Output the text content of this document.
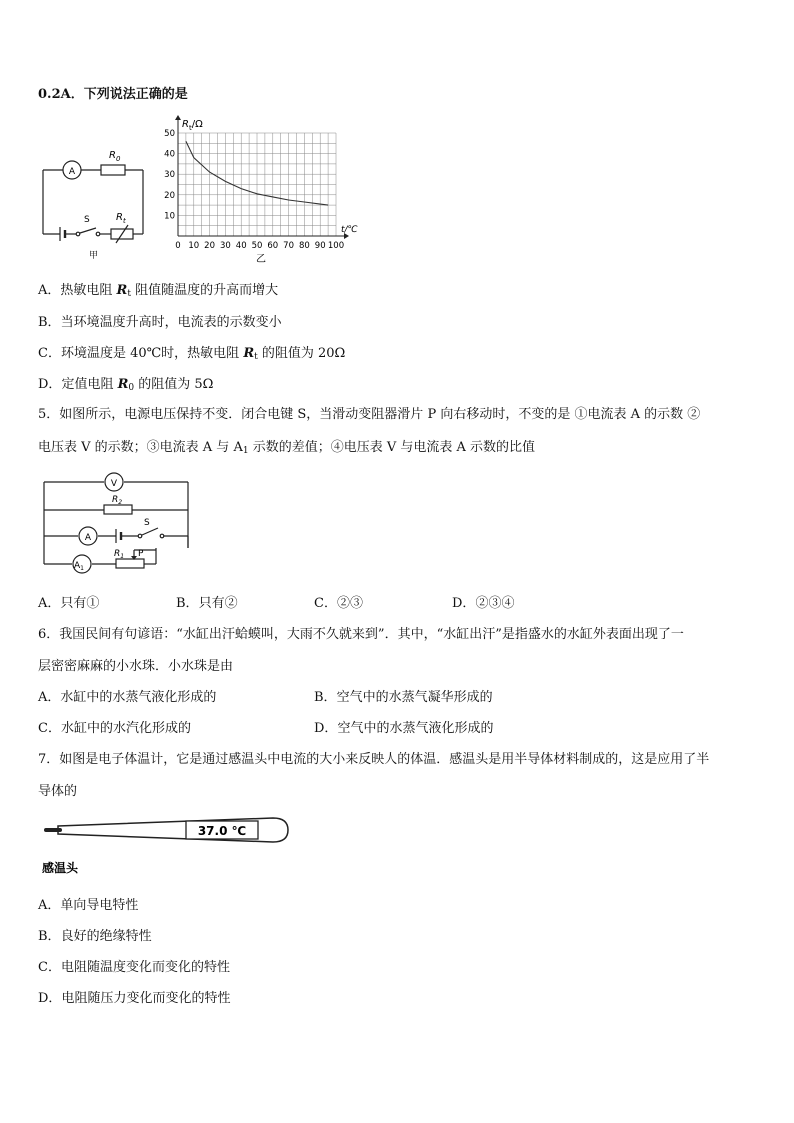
0.2A．下列说法正确的是
A
$R_0$
S	$R_t$
甲
0 10 20 30 40 50 60 70 80 90 100
10
20
30
40
50
$R_t/\Omega$
t/℃
乙
A．热敏电阻 $R_t$ 阻值随温度的升高而增大
B．当环境温度升高时，电流表的示数变小
C．环境温度是 40℃时，热敏电阻 $R_t$ 的阻值为 20Ω
D．定值电阻 $R_0$ 的阻值为 5Ω
5．如图所示，电源电压保持不变．闭合电键 S，当滑动变阻器滑片 P 向右移动时，不变的是 ①电流表 A 的示数 ②
电压表 V 的示数；③电流表 A 与 $A_1$ 示数的差值；④电压表 V 与电流表 A 示数的比值
V
$R_2$
A
S
$A_1$
$R_1$ P
A．只有①	B．只有②	C．②③	D．②③④
6．我国民间有句谚语：“水缸出汗蛤蟆叫，大雨不久就来到”．其中，“水缸出汗”是指盛水的水缸外表面出现了一
层密密麻麻的小水珠．小水珠是由
A．水缸中的水蒸气液化形成的	B．空气中的水蒸气凝华形成的
C．水缸中的水汽化形成的	D．空气中的水蒸气液化形成的
7．如图是电子体温计，它是通过感温头中电流的大小来反映人的体温．感温头是用半导体材料制成的，这是应用了半
导体的
37.0 ℃
感温头
A．单向导电特性
B．良好的绝缘特性
C．电阻随温度变化而变化的特性
D．电阻随压力变化而变化的特性
